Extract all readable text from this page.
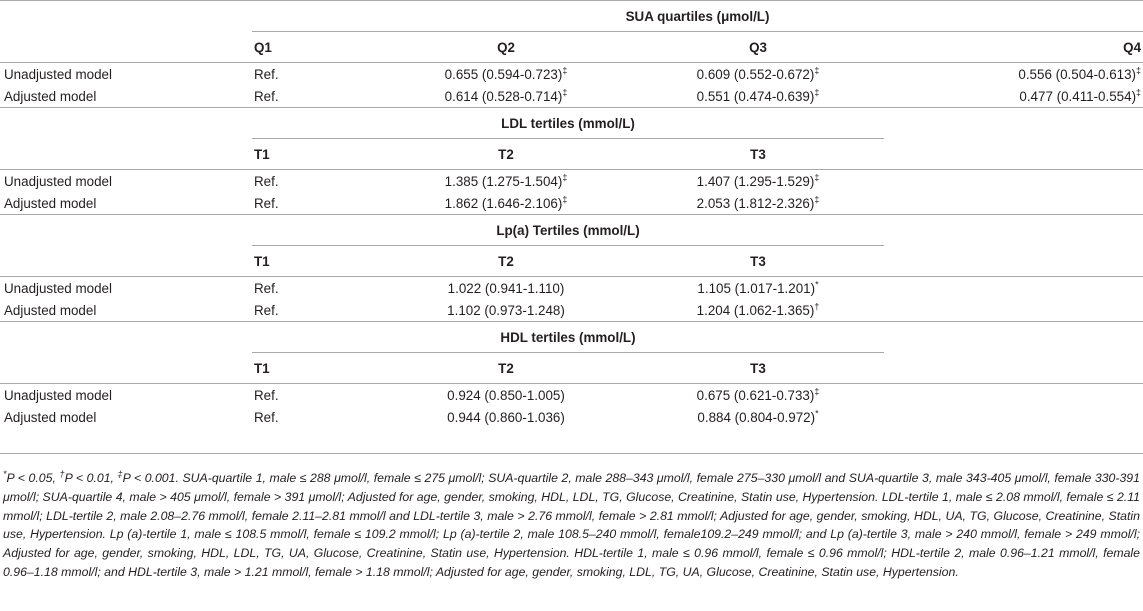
	SUA quartiles (μmol/L)			
	Q1	Q2	Q3	Q4
Unadjusted model	Ref.	0.655 (0.594-0.723)‡	0.609 (0.552-0.672)‡	0.556 (0.504-0.613)‡
Adjusted model	Ref.	0.614 (0.528-0.714)‡	0.551 (0.474-0.639)‡	0.477 (0.411-0.554)‡
	LDL tertiles (mmol/L)			
	T1	T2	T3	
Unadjusted model	Ref.	1.385 (1.275-1.504)‡	1.407 (1.295-1.529)‡	
Adjusted model	Ref.	1.862 (1.646-2.106)‡	2.053 (1.812-2.326)‡	
	Lp(a) Tertiles (mmol/L)			
	T1	T2	T3	
Unadjusted model	Ref.	1.022 (0.941-1.110)	1.105 (1.017-1.201)*	
Adjusted model	Ref.	1.102 (0.973-1.248)	1.204 (1.062-1.365)†	
	HDL tertiles (mmol/L)			
	T1	T2	T3	
Unadjusted model	Ref.	0.924 (0.850-1.005)	0.675 (0.621-0.733)‡	
Adjusted model	Ref.	0.944 (0.860-1.036)	0.884 (0.804-0.972)*	

*P < 0.05, †P < 0.01, ‡P < 0.001. SUA-quartile 1, male ≤ 288 μmol/l, female ≤ 275 μmol/l; SUA-quartile 2, male 288–343 μmol/l, female 275–330 μmol/l and SUA-quartile 3, male 343-405 μmol/l, female 330-391 μmol/l; SUA-quartile 4, male > 405 μmol/l, female > 391 μmol/l; Adjusted for age, gender, smoking, HDL, LDL, TG, Glucose, Creatinine, Statin use, Hypertension. LDL-tertile 1, male ≤ 2.08 mmol/l, female ≤ 2.11 mmol/l; LDL-tertile 2, male 2.08–2.76 mmol/l, female 2.11–2.81 mmol/l and LDL-tertile 3, male > 2.76 mmol/l, female > 2.81 mmol/l; Adjusted for age, gender, smoking, HDL, UA, TG, Glucose, Creatinine, Statin use, Hypertension. Lp (a)-tertile 1, male ≤ 108.5 mmol/l, female ≤ 109.2 mmol/l; Lp (a)-tertile 2, male 108.5–240 mmol/l, female109.2–249 mmol/l; and Lp (a)-tertile 3, male > 240 mmol/l, female > 249 mmol/l; Adjusted for age, gender, smoking, HDL, LDL, TG, UA, Glucose, Creatinine, Statin use, Hypertension. HDL-tertile 1, male ≤ 0.96 mmol/l, female ≤ 0.96 mmol/l; HDL-tertile 2, male 0.96–1.21 mmol/l, female 0.96–1.18 mmol/l; and HDL-tertile 3, male > 1.21 mmol/l, female > 1.18 mmol/l; Adjusted for age, gender, smoking, LDL, TG, UA, Glucose, Creatinine, Statin use, Hypertension.
